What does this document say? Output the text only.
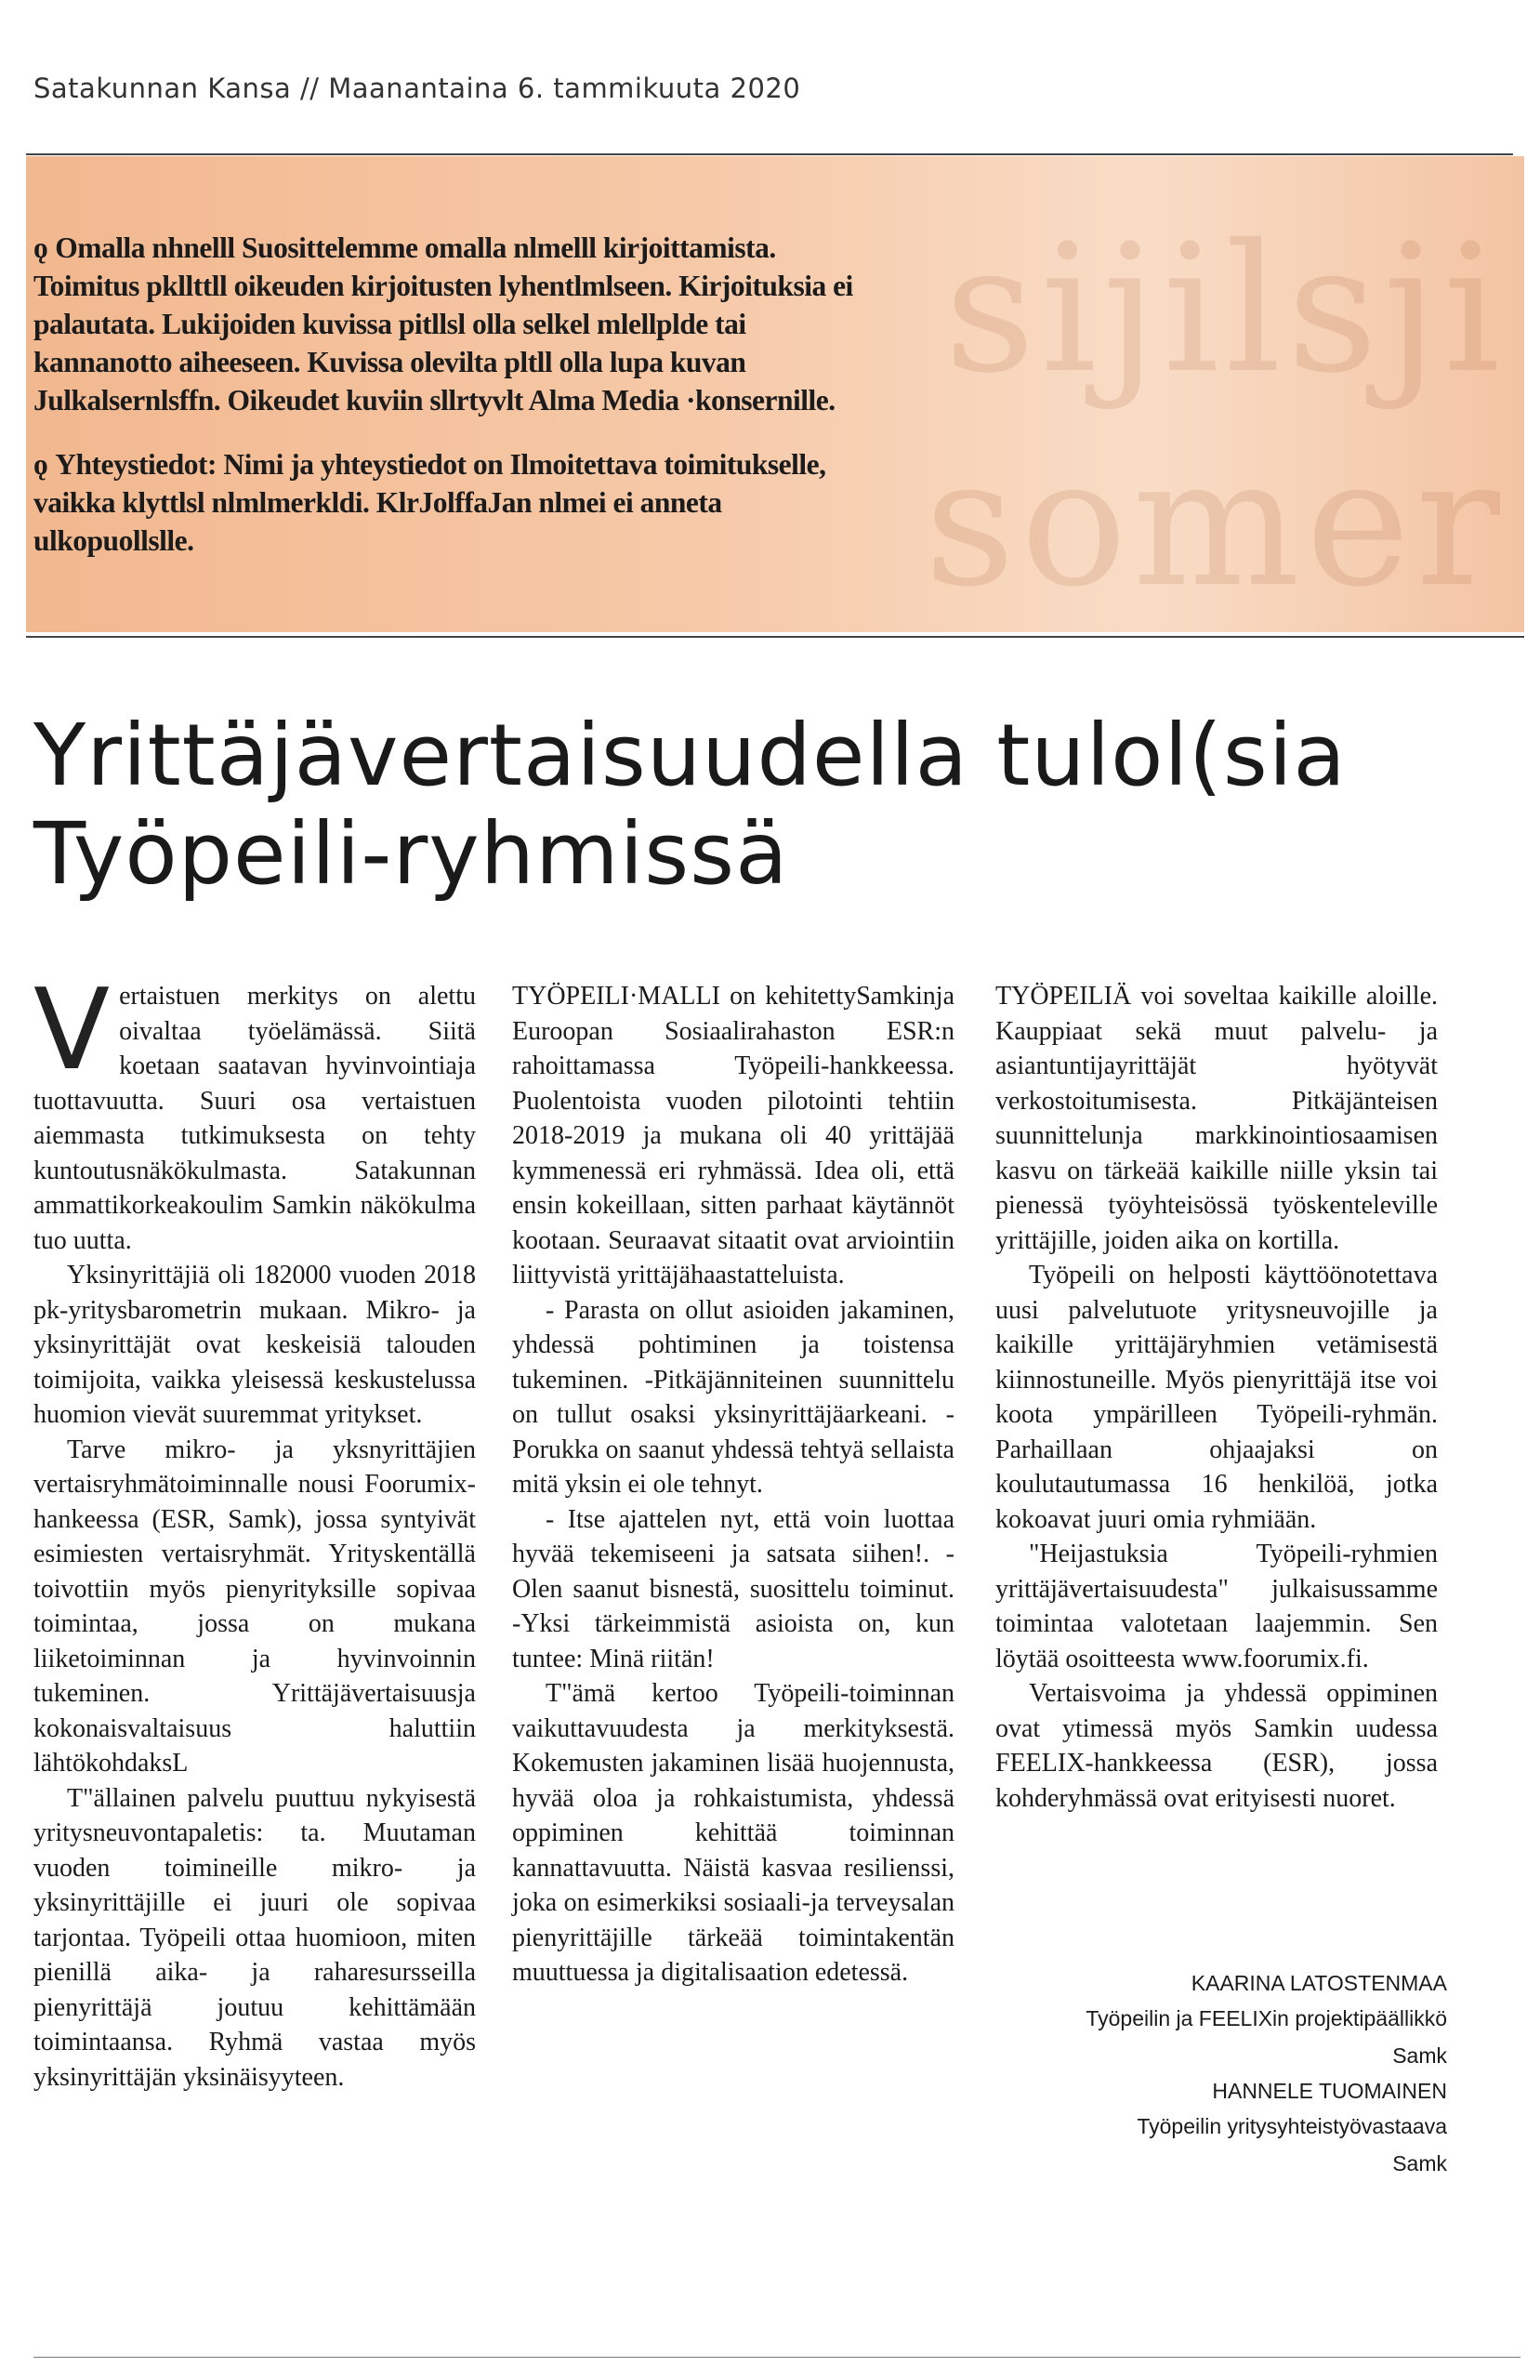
Satakunnan Kansa // Maanantaina 6. tammikuuta 2020
sijilsji
somer

ǫ Omalla nhnelll Suosittelemme omalla nlmelll kirjoittamista. Toimitus pkllttll oikeuden kirjoitusten lyhentlmlseen. Kirjoituksia ei palautata. Lukijoiden kuvissa pitllsl olla selkel mlellplde tai kannanotto aiheeseen. Kuvissa olevilta pltll olla lupa kuvan Julkalsernlsffn. Oikeudet kuviin sllrtyvlt Alma Media ·konsernille.

ǫ Yhteystiedot: Nimi ja yhteystiedot on Ilmoitettava toimitukselle, vaikka klyttlsl nlmlmerkldi. KlrJolffaJan nlmei ei anneta ulkopuollslle.

Yrittäjävertaisuudella tulol(sia
Työpeili-ryhmissä

Vertaistuen merkitys on alettu oivaltaa työelämässä. Siitä koetaan saatavan hyvinvointiaja tuottavuutta. Suuri osa vertaistuen aiemmasta tutkimuksesta on tehty kuntoutusnäkökulmasta. Satakunnan ammattikorkeakoulim Samkin näkökulma tuo uutta.

Yksinyrittäjiä oli 182000 vuoden 2018 pk-yritysbarometrin mukaan. Mikro- ja yksinyrittäjät ovat keskeisiä talouden toimijoita, vaikka yleisessä keskustelussa huomion vievät suuremmat yritykset.

Tarve mikro- ja yksnyrittäjien vertaisryhmätoiminnalle nousi Foorumix-hankeessa (ESR, Samk), jossa syntyivät esimiesten vertaisryhmät. Yrityskentällä toivottiin myös pienyrityksille sopivaa toimintaa, jossa on mukana liiketoiminnan ja hyvinvoinnin tukeminen. Yrittäjävertaisuusja kokonaisvaltaisuus haluttiin lähtökohdaksL

T"ällainen palvelu puuttuu nykyisestä yritysneuvontapaletis: ta. Muutaman vuoden toimineille mikro- ja yksinyrittäjille ei juuri ole sopivaa tarjontaa. Työpeili ottaa huomioon, miten pienillä aika- ja raharesursseilla pienyrittäjä joutuu kehittämään toimintaansa. Ryhmä vastaa myös yksinyrittäjän yksinäisyyteen.

TYÖPEILI·MALLI on kehitettySamkinja Euroopan Sosiaalirahaston ESR:n rahoittamassa Työpeili-hankkeessa. Puolentoista vuoden pilotointi tehtiin 2018-2019 ja mukana oli 40 yrittäjää kymmenessä eri ryhmässä. Idea oli, että ensin kokeillaan, sitten parhaat käytännöt kootaan. Seuraavat sitaatit ovat arviointiin liittyvistä yrittäjähaastatteluista.

- Parasta on ollut asioiden jakaminen, yhdessä pohtiminen ja toistensa tukeminen. -Pitkäjänniteinen suunnittelu on tullut osaksi yksinyrittäjäarkeani. -Porukka on saanut yhdessä tehtyä sellaista mitä yksin ei ole tehnyt.

- Itse ajattelen nyt, että voin luottaa hyvää tekemiseeni ja satsata siihen!. -Olen saanut bisnestä, suosittelu toiminut. -Yksi tärkeimmistä asioista on, kun tuntee: Minä riitän!

T"ämä kertoo Työpeili-toiminnan vaikuttavuudesta ja merkityksestä. Kokemusten jakaminen lisää huojennusta, hyvää oloa ja rohkaistumista, yhdessä oppiminen kehittää toiminnan kannattavuutta. Näistä kasvaa resilienssi, joka on esimerkiksi sosiaali-ja terveysalan pienyrittäjille tärkeää toimintakentän muuttuessa ja digitalisaation edetessä.

TYÖPEILIÄ voi soveltaa kaikille aloille. Kauppiaat sekä muut palvelu- ja asiantuntijayrittäjät hyötyvät verkostoitumisesta. Pitkäjänteisen suunnittelunja markkinointiosaamisen kasvu on tärkeää kaikille niille yksin tai pienessä työyhteisössä työskenteleville yrittäjille, joiden aika on kortilla.

Työpeili on helposti käyttöönotettava uusi palvelutuote yritysneuvojille ja kaikille yrittäjäryhmien vetämisestä kiinnostuneille. Myös pienyrittäjä itse voi koota ympärilleen Työpeili-ryhmän. Parhaillaan ohjaajaksi on koulutautumassa 16 henkilöä, jotka kokoavat juuri omia ryhmiään.

"Heijastuksia Työpeili-ryhmien yrittäjävertaisuudesta" julkaisussamme toimintaa valotetaan laajemmin. Sen löytää osoitteesta www.foorumix.fi.

Vertaisvoima ja yhdessä oppiminen ovat ytimessä myös Samkin uudessa FEELIX-hankkeessa (ESR), jossa kohderyhmässä ovat erityisesti nuoret.

KAARINA LATOSTENMAA
Työpeilin ja FEELIXin projektipäällikkö
Samk
HANNELE TUOMAINEN
Työpeilin yritysyhteistyövastaava
Samk
